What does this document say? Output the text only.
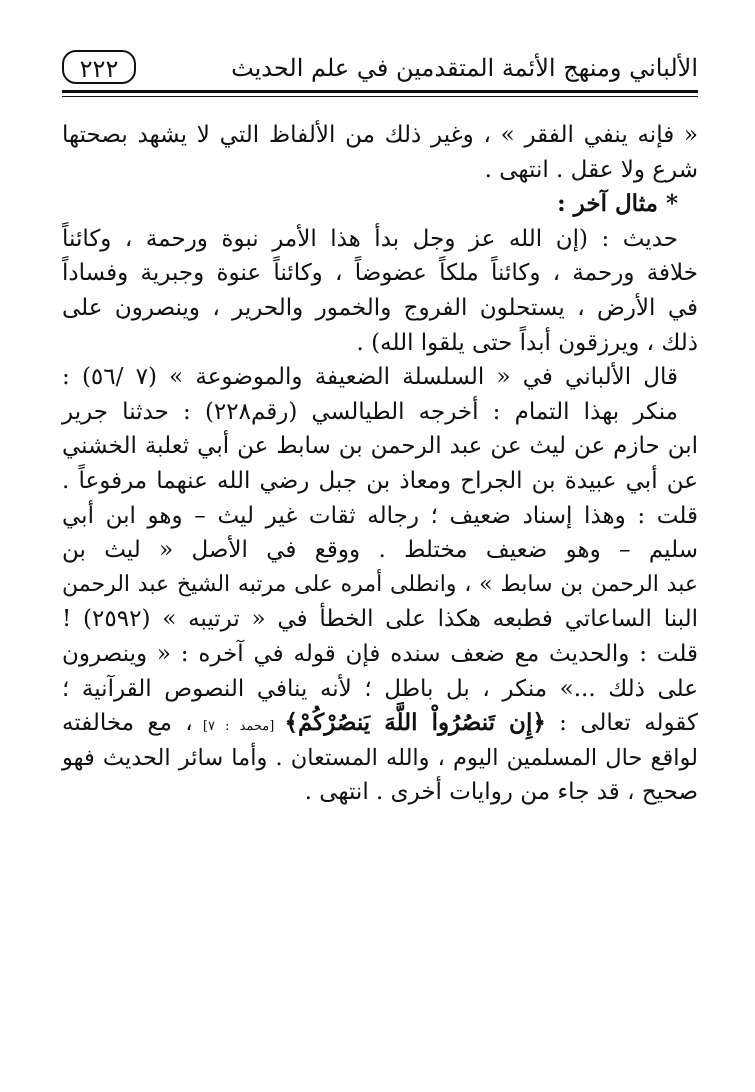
٢٢٢	الألباني ومنهج الأئمة المتقدمين في علم الحديث
« فإنه ينفي الفقر » ، وغير ذلك من الألفاظ التي لا يشهد بصحتها
شرع ولا عقل . انتهى .
* مثال آخر :
حديث : (إن الله عز وجل بدأ هذا الأمر نبوة ورحمة ، وكائناً
خلافة ورحمة ، وكائناً ملكاً عضوضاً ، وكائناً عنوة وجبرية وفساداً
في الأرض ، يستحلون الفروج والخمور والحرير ، وينصرون على
ذلك ، ويرزقون أبداً حتى يلقوا الله) .
قال الألباني في « السلسلة الضعيفة والموضوعة » (٧ /٥٦) :
منكر بهذا التمام : أخرجه الطيالسي (رقم٢٢٨) : حدثنا جرير
ابن حازم عن ليث عن عبد الرحمن بن سابط عن أبي ثعلبة الخشني
عن أبي عبيدة بن الجراح ومعاذ بن جبل رضي الله عنهما مرفوعاً .
قلت : وهذا إسناد ضعيف ؛ رجاله ثقات غير ليث – وهو ابن أبي
سليم – وهو ضعيف مختلط . ووقع في الأصل « ليث بن
عبد الرحمن بن سابط » ، وانطلى أمره على مرتبه الشيخ عبد الرحمن
البنا الساعاتي فطبعه هكذا على الخطأ في « ترتيبه » (٢٥٩٢) !
قلت : والحديث مع ضعف سنده فإن قوله في آخره : « وينصرون
على ذلك ...» منكر ، بل باطل ؛ لأنه ينافي النصوص القرآنية ؛
كقوله تعالى : ﴿إِن تَنصُرُواْ اللَّهَ يَنصُرْكُمْ﴾ [محمد : ٧] ، مع مخالفته
لواقع حال المسلمين اليوم ، والله المستعان . وأما سائر الحديث فهو
صحيح ، قد جاء من روايات أخرى . انتهى .
